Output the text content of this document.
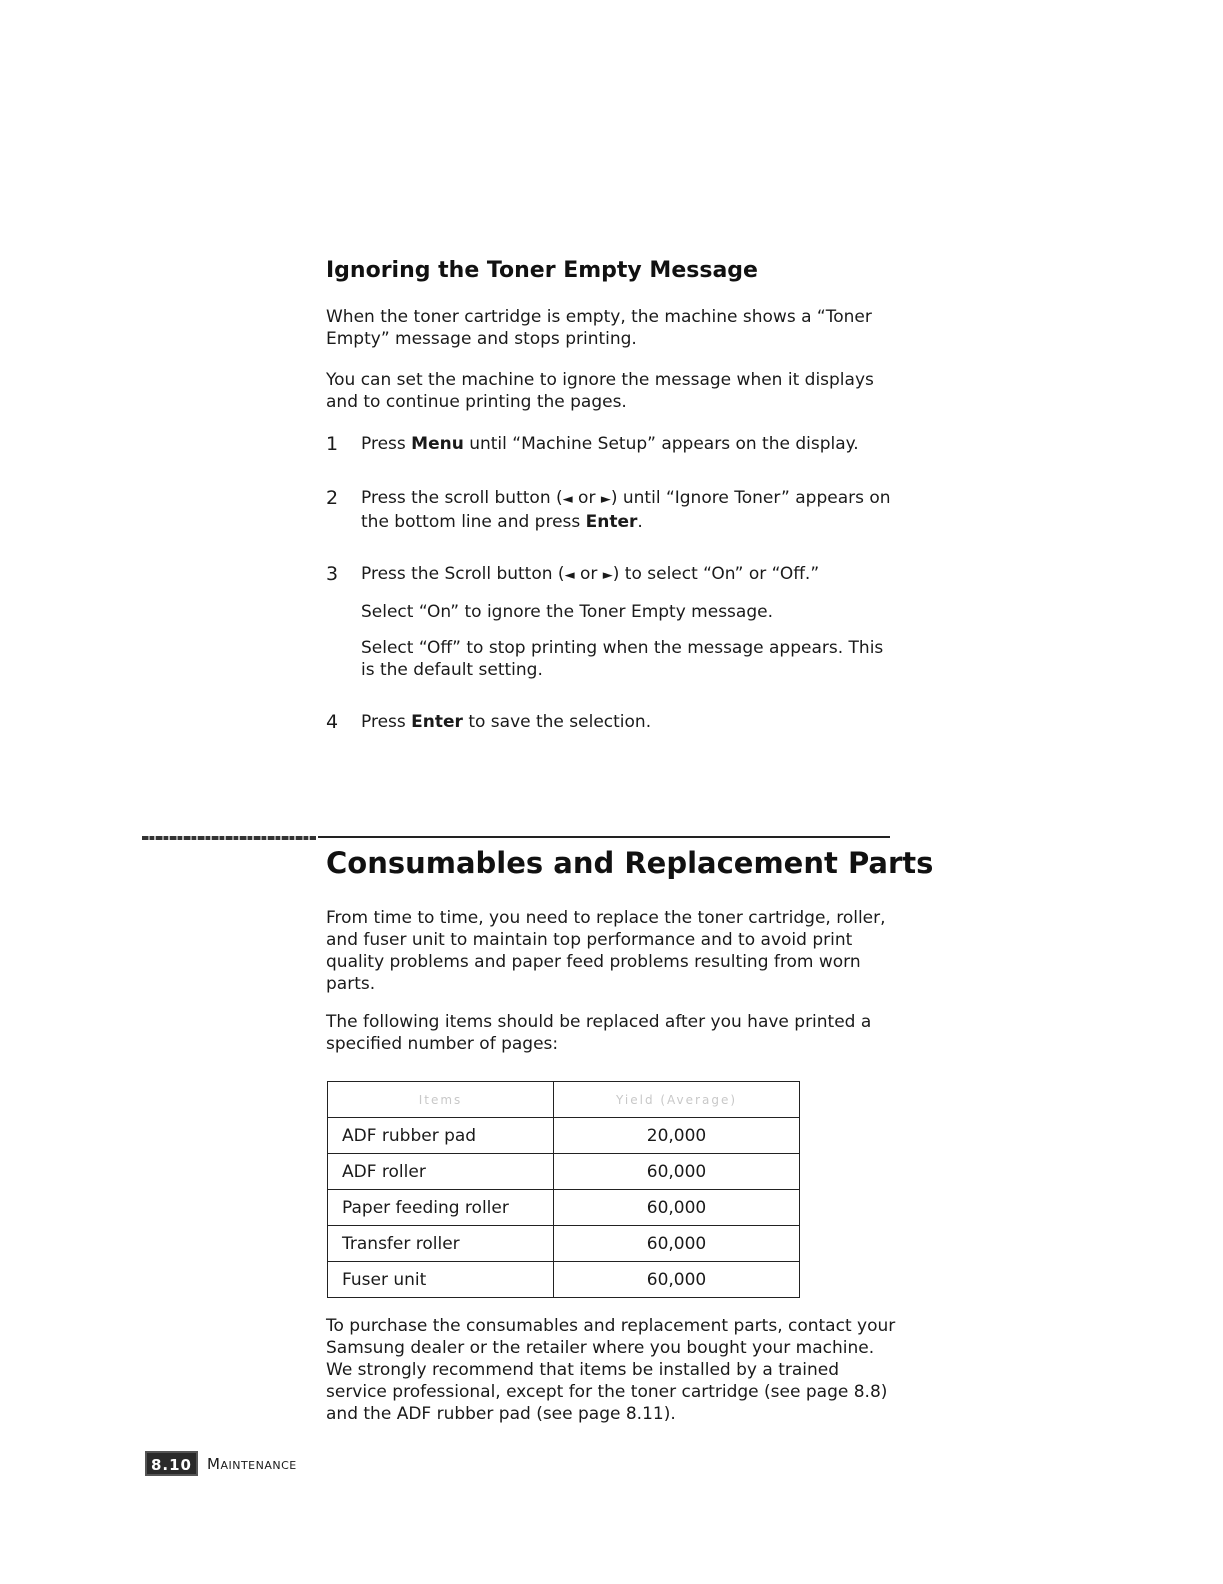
Ignoring the Toner Empty Message

When the toner cartridge is empty, the machine shows a “Toner Empty” message and stops printing.

You can set the machine to ignore the message when it displays and to continue printing the pages.

1 Press Menu until “Machine Setup” appears on the display.
2 Press the scroll button (◄ or ►) until “Ignore Toner” appears on the bottom line and press Enter.
3 Press the Scroll button (◄ or ►) to select “On” or “Off.”
Select “On” to ignore the Toner Empty message.
Select “Off” to stop printing when the message appears. This is the default setting.
4 Press Enter to save the selection.
Consumables and Replacement Parts

From time to time, you need to replace the toner cartridge, roller, and fuser unit to maintain top performance and to avoid print quality problems and paper feed problems resulting from worn parts.

The following items should be replaced after you have printed a specified number of pages:

Items	Yield (Average)
ADF rubber pad	20,000
ADF roller	60,000
Paper feeding roller	60,000
Transfer roller	60,000
Fuser unit	60,000

To purchase the consumables and replacement parts, contact your Samsung dealer or the retailer where you bought your machine. We strongly recommend that items be installed by a trained service professional, except for the toner cartridge (see page 8.8) and the ADF rubber pad (see page 8.11).

8.10	Maintenance
